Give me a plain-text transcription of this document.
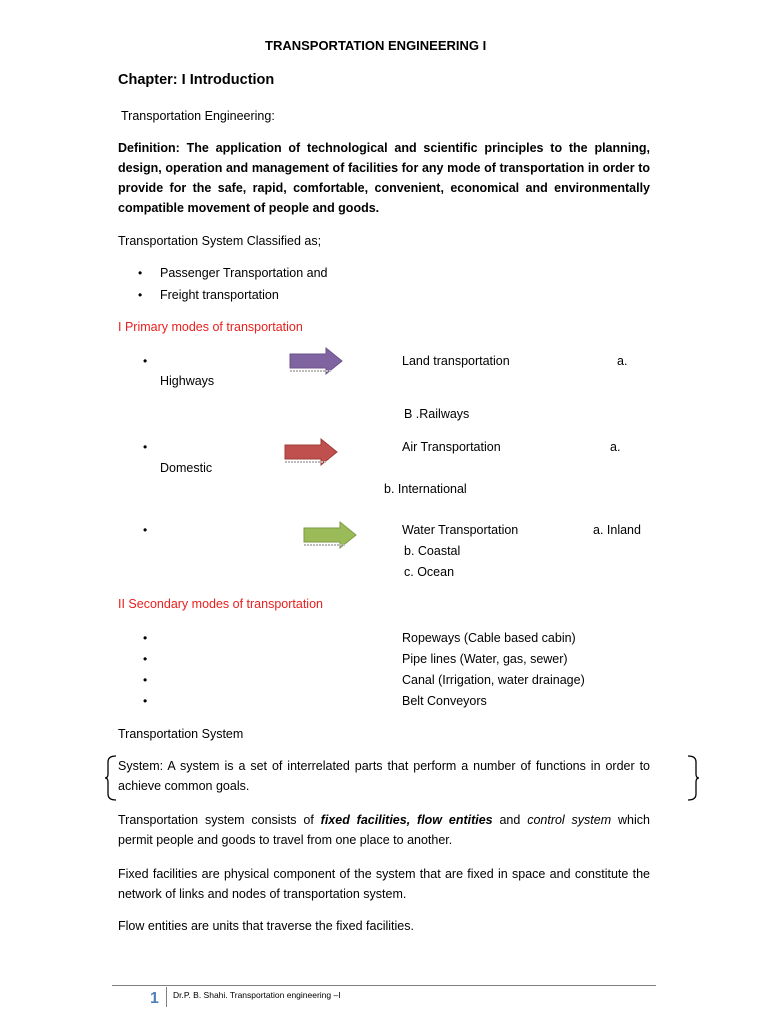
TRANSPORTATION ENGINEERING I
Chapter: I Introduction
Transportation Engineering:
Definition: The application of technological and scientific principles to the planning, design, operation and management of facilities for any mode of transportation in order to provide for the safe, rapid, comfortable, convenient, economical and environmentally compatible movement of people and goods.
Transportation System Classified as;
• Passenger Transportation and
• Freight transportation
I Primary modes of transportation
•	Land transportation	a.
Highways
B .Railways
•	Air Transportation	a.
Domestic
b. International
•	Water Transportation	a. Inland
b. Coastal
c. Ocean
II Secondary modes of transportation
•	Ropeways (Cable based cabin)
•	Pipe lines (Water, gas, sewer)
•	Canal (Irrigation, water drainage)
•	Belt Conveyors
Transportation System
System: A system is a set of interrelated parts that perform a number of functions in order to achieve common goals.
Transportation system consists of fixed facilities, flow entities and control system which permit people and goods to travel from one place to another.
Fixed facilities are physical component of the system that are fixed in space and constitute the network of links and nodes of transportation system.
Flow entities are units that traverse the fixed facilities.
1 Dr.P. B. Shahi. Transportation engineering –I
